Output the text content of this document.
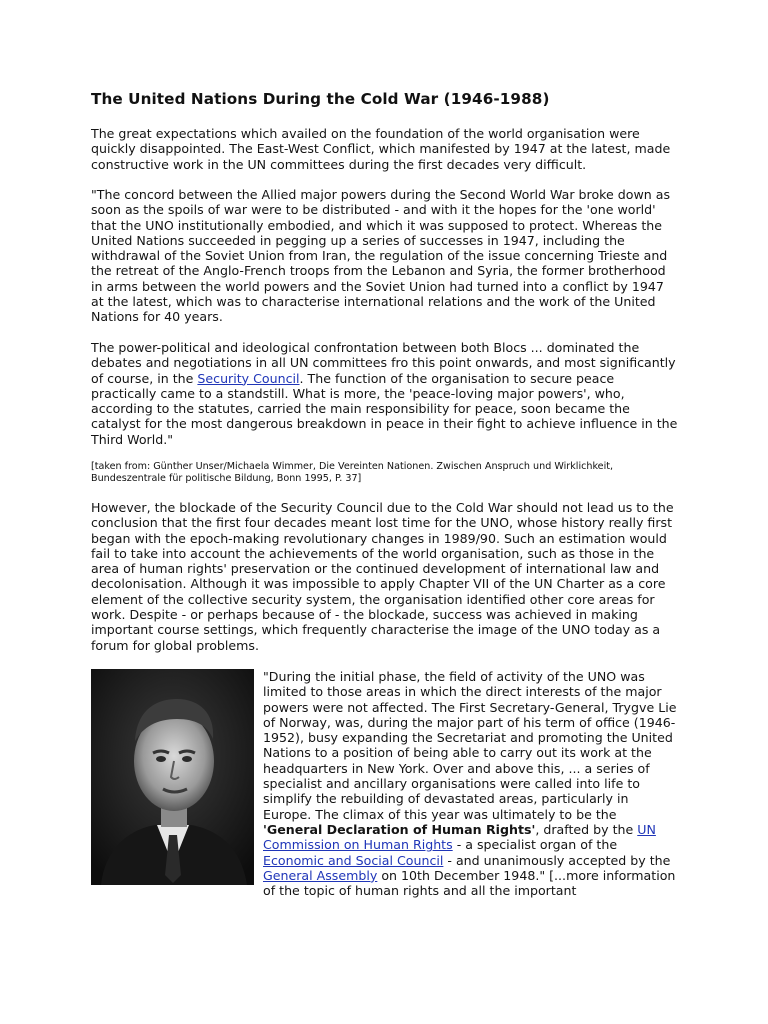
The United Nations During the Cold War (1946-1988)

The great expectations which availed on the foundation of the world organisation were quickly disappointed. The East-West Conflict, which manifested by 1947 at the latest, made constructive work in the UN committees during the first decades very difficult.

"The concord between the Allied major powers during the Second World War broke down as soon as the spoils of war were to be distributed - and with it the hopes for the 'one world' that the UNO institutionally embodied, and which it was supposed to protect. Whereas the United Nations succeeded in pegging up a series of successes in 1947, including the withdrawal of the Soviet Union from Iran, the regulation of the issue concerning Trieste and the retreat of the Anglo-French troops from the Lebanon and Syria, the former brotherhood in arms between the world powers and the Soviet Union had turned into a conflict by 1947 at the latest, which was to characterise international relations and the work of the United Nations for 40 years.

The power-political and ideological confrontation between both Blocs ... dominated the debates and negotiations in all UN committees fro this point onwards, and most significantly of course, in the Security Council. The function of the organisation to secure peace practically came to a standstill. What is more, the 'peace-loving major powers', who, according to the statutes, carried the main responsibility for peace, soon became the catalyst for the most dangerous breakdown in peace in their fight to achieve influence in the Third World."

[taken from: Günther Unser/Michaela Wimmer, Die Vereinten Nationen. Zwischen Anspruch und Wirklichkeit, Bundeszentrale für politische Bildung, Bonn 1995, P. 37]

However, the blockade of the Security Council due to the Cold War should not lead us to the conclusion that the first four decades meant lost time for the UNO, whose history really first began with the epoch-making revolutionary changes in 1989/90. Such an estimation would fail to take into account the achievements of the world organisation, such as those in the area of human rights' preservation or the continued development of international law and decolonisation. Although it was impossible to apply Chapter VII of the UN Charter as a core element of the collective security system, the organisation identified other core areas for work. Despite - or perhaps because of - the blockade, success was achieved in making important course settings, which frequently characterise the image of the UNO today as a forum for global problems.

"During the initial phase, the field of activity of the UNO was limited to those areas in which the direct interests of the major powers were not affected. The First Secretary-General, Trygve Lie of Norway, was, during the major part of his term of office (1946-1952), busy expanding the Secretariat and promoting the United Nations to a position of being able to carry out its work at the headquarters in New York. Over and above this, ... a series of specialist and ancillary organisations were called into life to simplify the rebuilding of devastated areas, particularly in Europe. The climax of this year was ultimately to be the 'General Declaration of Human Rights', drafted by the UN Commission on Human Rights - a specialist organ of the Economic and Social Council - and unanimously accepted by the General Assembly on 10th December 1948." [...more information of the topic of human rights and all the important
